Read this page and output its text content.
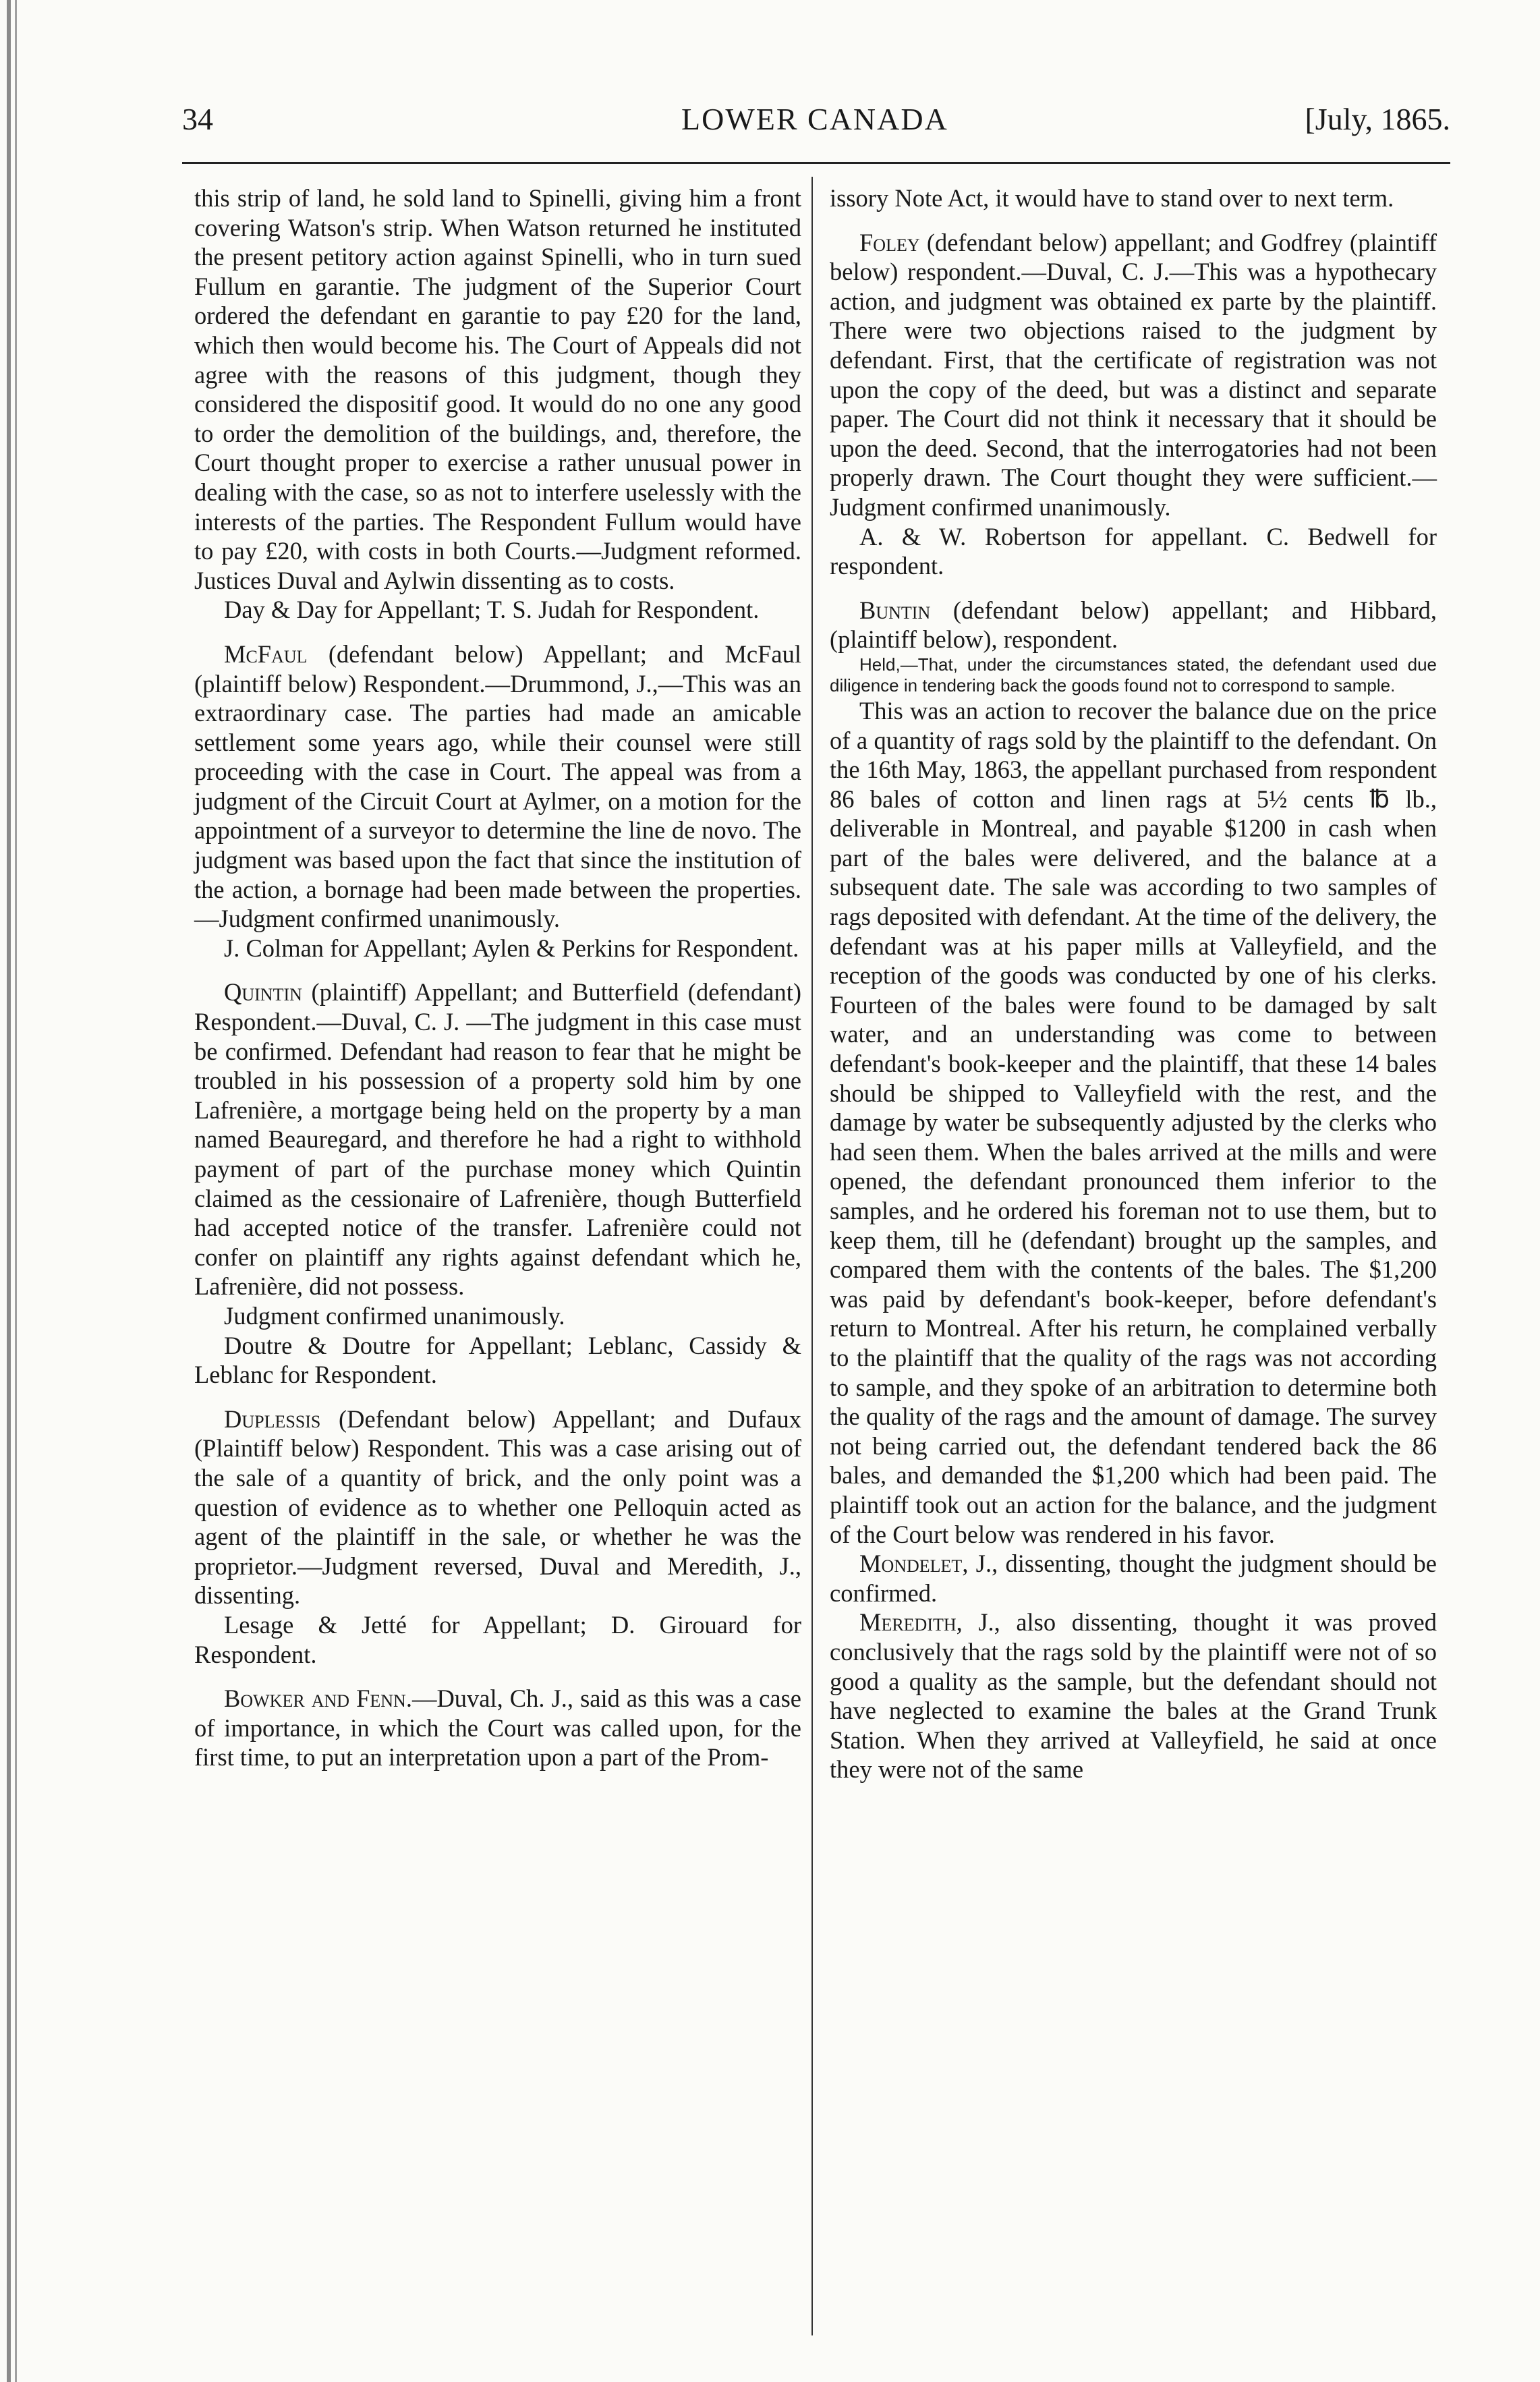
34	LOWER CANADA	[July, 1865.

this strip of land, he sold land to Spinelli, giving him a front covering Watson's strip. When Watson returned he instituted the present petitory action against Spinelli, who in turn sued Fullum en garantie. The judgment of the Superior Court ordered the defendant en garantie to pay £20 for the land, which then would become his. The Court of Appeals did not agree with the reasons of this judgment, though they considered the dispositif good. It would do no one any good to order the demolition of the buildings, and, therefore, the Court thought proper to exercise a rather unusual power in dealing with the case, so as not to interfere uselessly with the interests of the parties. The Respondent Fullum would have to pay £20, with costs in both Courts.—Judgment reformed. Justices Duval and Aylwin dissenting as to costs.

Day & Day for Appellant; T. S. Judah for Respondent.

McFaul (defendant below) Appellant; and McFaul (plaintiff below) Respondent.—Drummond, J.,—This was an extraordinary case. The parties had made an amicable settlement some years ago, while their counsel were still proceeding with the case in Court. The appeal was from a judgment of the Circuit Court at Aylmer, on a motion for the appointment of a surveyor to determine the line de novo. The judgment was based upon the fact that since the institution of the action, a bornage had been made between the properties.—Judgment confirmed unanimously.

J. Colman for Appellant; Aylen & Perkins for Respondent.

Quintin (plaintiff) Appellant; and Butterfield (defendant) Respondent.—Duval, C. J. —The judgment in this case must be confirmed. Defendant had reason to fear that he might be troubled in his possession of a property sold him by one Lafrenière, a mortgage being held on the property by a man named Beauregard, and therefore he had a right to withhold payment of part of the purchase money which Quintin claimed as the cessionaire of Lafrenière, though Butterfield had accepted notice of the transfer. Lafrenière could not confer on plaintiff any rights against defendant which he, Lafrenière, did not possess.

Judgment confirmed unanimously.

Doutre & Doutre for Appellant; Leblanc, Cassidy & Leblanc for Respondent.

Duplessis (Defendant below) Appellant; and Dufaux (Plaintiff below) Respondent. This was a case arising out of the sale of a quantity of brick, and the only point was a question of evidence as to whether one Pelloquin acted as agent of the plaintiff in the sale, or whether he was the proprietor.—Judgment reversed, Duval and Meredith, J., dissenting.

Lesage & Jetté for Appellant; D. Girouard for Respondent.

Bowker and Fenn.—Duval, Ch. J., said as this was a case of importance, in which the Court was called upon, for the first time, to put an interpretation upon a part of the Prom-

issory Note Act, it would have to stand over to next term.

Foley (defendant below) appellant; and Godfrey (plaintiff below) respondent.—Duval, C. J.—This was a hypothecary action, and judgment was obtained ex parte by the plaintiff. There were two objections raised to the judgment by defendant. First, that the certificate of registration was not upon the copy of the deed, but was a distinct and separate paper. The Court did not think it necessary that it should be upon the deed. Second, that the interrogatories had not been properly drawn. The Court thought they were sufficient.—Judgment confirmed unanimously.

A. & W. Robertson for appellant. C. Bedwell for respondent.

Buntin (defendant below) appellant; and Hibbard, (plaintiff below), respondent.

Held,—That, under the circumstances stated, the defendant used due diligence in tendering back the goods found not to correspond to sample.

This was an action to recover the balance due on the price of a quantity of rags sold by the plaintiff to the defendant. On the 16th May, 1863, the appellant purchased from respondent 86 bales of cotton and linen rags at 5½ cents ℔ lb., deliverable in Montreal, and payable $1200 in cash when part of the bales were delivered, and the balance at a subsequent date. The sale was according to two samples of rags deposited with defendant. At the time of the delivery, the defendant was at his paper mills at Valleyfield, and the reception of the goods was conducted by one of his clerks. Fourteen of the bales were found to be damaged by salt water, and an understanding was come to between defendant's book-keeper and the plaintiff, that these 14 bales should be shipped to Valleyfield with the rest, and the damage by water be subsequently adjusted by the clerks who had seen them. When the bales arrived at the mills and were opened, the defendant pronounced them inferior to the samples, and he ordered his foreman not to use them, but to keep them, till he (defendant) brought up the samples, and compared them with the contents of the bales. The $1,200 was paid by defendant's book-keeper, before defendant's return to Montreal. After his return, he complained verbally to the plaintiff that the quality of the rags was not according to sample, and they spoke of an arbitration to determine both the quality of the rags and the amount of damage. The survey not being carried out, the defendant tendered back the 86 bales, and demanded the $1,200 which had been paid. The plaintiff took out an action for the balance, and the judgment of the Court below was rendered in his favor.

Mondelet, J., dissenting, thought the judgment should be confirmed.

Meredith, J., also dissenting, thought it was proved conclusively that the rags sold by the plaintiff were not of so good a quality as the sample, but the defendant should not have neglected to examine the bales at the Grand Trunk Station. When they arrived at Valleyfield, he said at once they were not of the same
